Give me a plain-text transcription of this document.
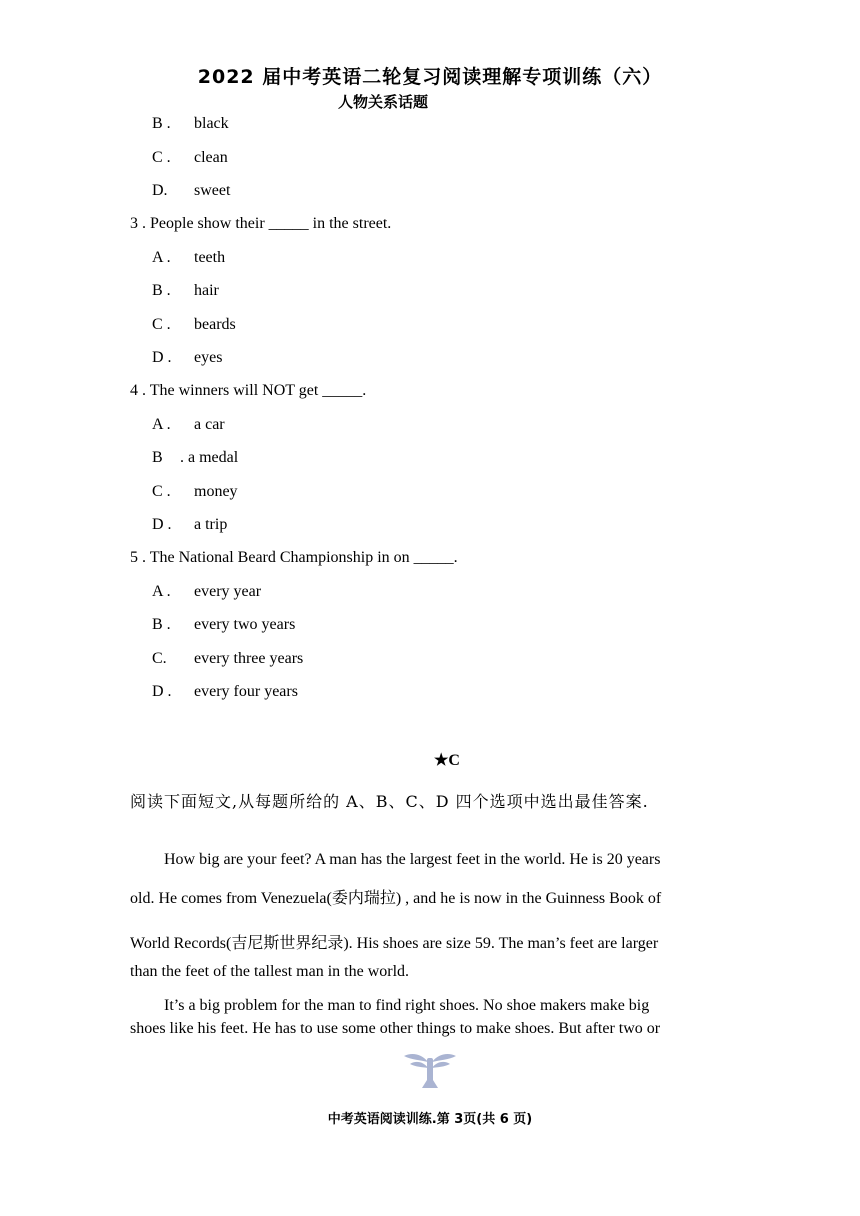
2022 届中考英语二轮复习阅读理解专项训练（六）
人物关系话题
B . black
C . clean
D. sweet
3 . People show their _____ in the street.
A . teeth
B . hair
C . beards
D . eyes
4 . The winners will NOT get _____.
A . a car
B . a medal
C . money
D . a trip
5 . The National Beard Championship in on _____.
A . every year
B . every two years
C. every three years
D . every four years
★C
阅读下面短文,从每题所给的 A、B、C、D 四个选项中选出最佳答案.
How big are your feet? A man has the largest feet in the world. He is 20 years
old. He comes from Venezuela(委内瑞拉) , and he is now in the Guinness Book of
World Records(吉尼斯世界纪录). His shoes are size 59. The man’s feet are larger
than the feet of the tallest man in the world.
It’s a big problem for the man to find right shoes. No shoe makers make big
shoes like his feet. He has to use some other things to make shoes. But after two or
中考英语阅读训练.第 3页(共 6 页)
